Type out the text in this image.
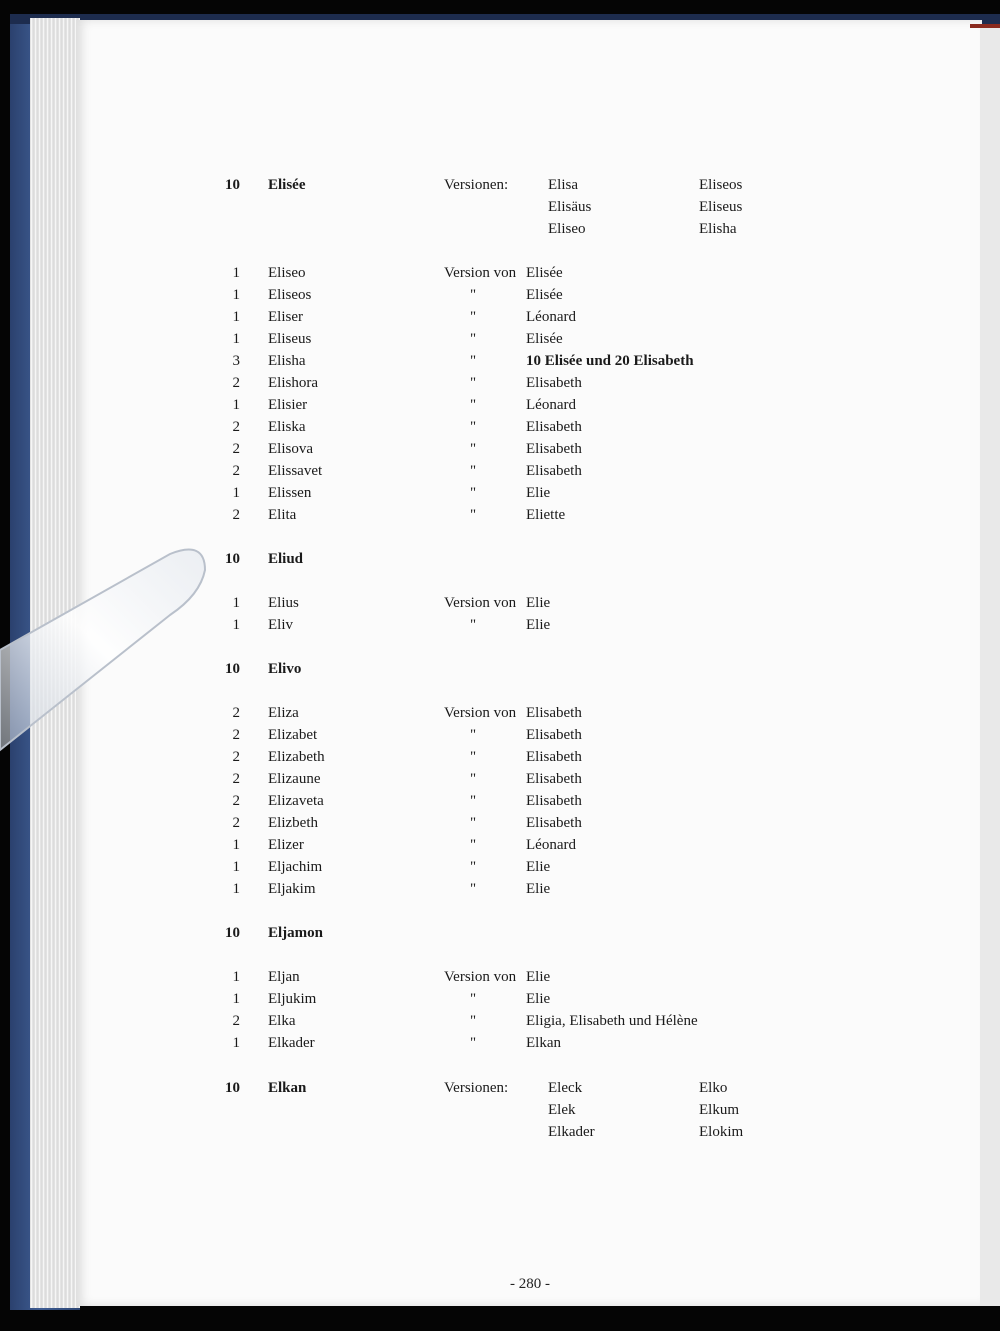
10 Elisée	Versionen:	Elisa	Eliseos
Elisäus	Eliseus
Eliseo	Elisha
1 Eliseo	Version von Elisée
1 Eliseos	"	Elisée
1 Eliser	"	Léonard
1 Eliseus	"	Elisée
3 Elisha	"	10 Elisée und 20 Elisabeth
2 Elishora	"	Elisabeth
1 Elisier	"	Léonard
2 Eliska	"	Elisabeth
2 Elisova	"	Elisabeth
2 Elissavet	"	Elisabeth
1 Elissen	"	Elie
2 Elita	"	Eliette
10 Eliud
1 Elius	Version von Elie
1 Eliv	"	Elie
10 Elivo
2 Eliza	Version von Elisabeth
2 Elizabet	"	Elisabeth
2 Elizabeth	"	Elisabeth
2 Elizaune	"	Elisabeth
2 Elizaveta	"	Elisabeth
2 Elizbeth	"	Elisabeth
1 Elizer	"	Léonard
1 Eljachim	"	Elie
1 Eljakim	"	Elie
10 Eljamon
1 Eljan	Version von Elie
1 Eljukim	"	Elie
2 Elka	"	Eligia, Elisabeth und Hélène
1 Elkader	"	Elkan
10 Elkan	Versionen:	Eleck	Elko
Elek	Elkum
Elkader	Elokim
- 280 -
